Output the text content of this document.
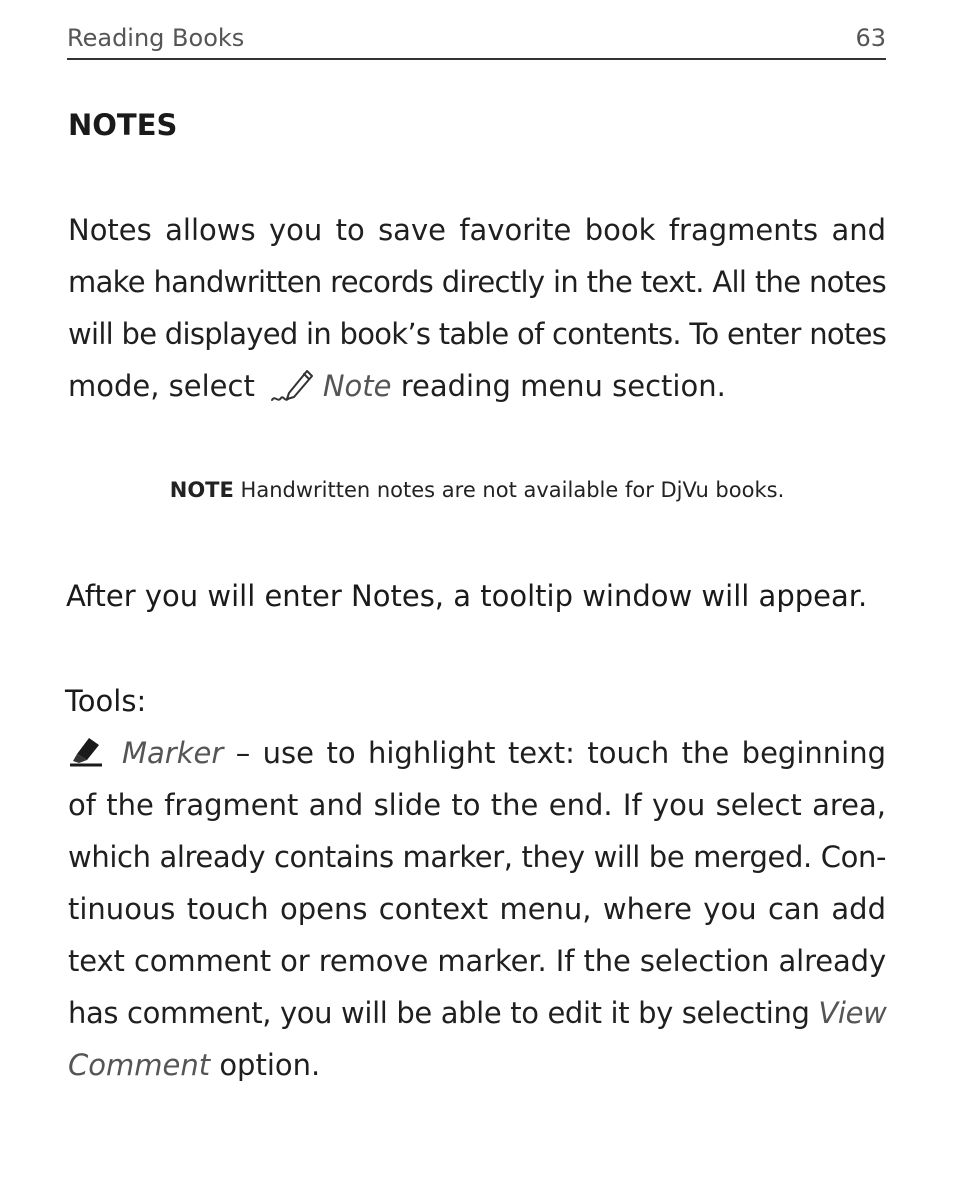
Reading Books	63
NOTES
Notes allows you to save favorite book fragments and
make handwritten records directly in the text. All the notes
will be displayed in book’s table of contents. To enter notes
mode, select Note reading menu section.
NOTE Handwritten notes are not available for DjVu books.
After you will enter Notes, a tooltip window will appear.
Tools:
Marker – use to highlight text: touch the beginning
of the fragment and slide to the end. If you select area,
which already contains marker, they will be merged. Con-
tinuous touch opens context menu, where you can add
text comment or remove marker. If the selection already
has comment, you will be able to edit it by selecting View
Comment option.
